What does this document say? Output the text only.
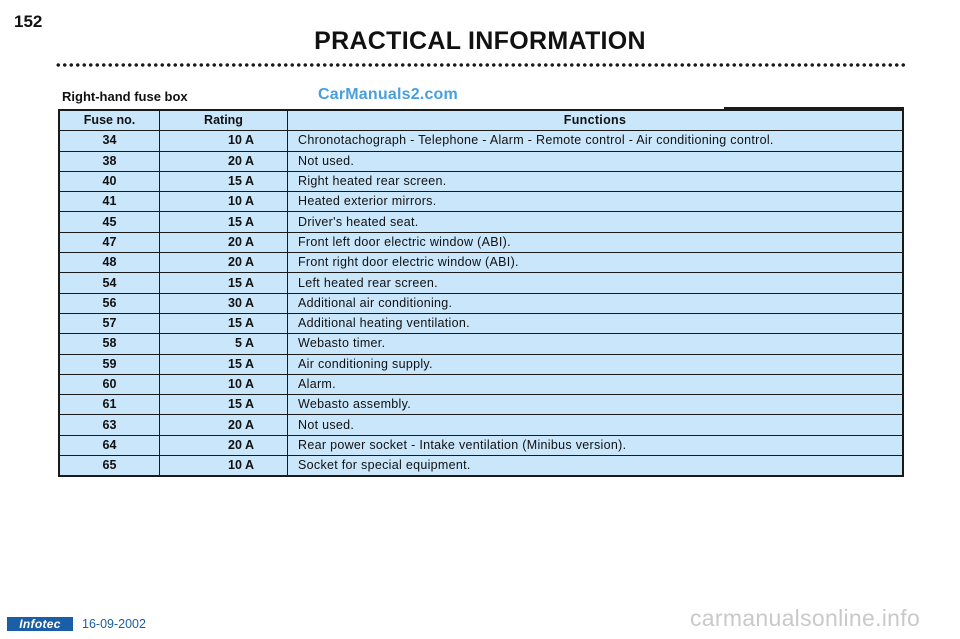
152
PRACTICAL INFORMATION
Right-hand fuse box	CarManuals2.com
Fuse no.	Rating	Functions
34	10 A	Chronotachograph - Telephone - Alarm - Remote control - Air conditioning control.
38	20 A	Not used.
40	15 A	Right heated rear screen.
41	10 A	Heated exterior mirrors.
45	15 A	Driver's heated seat.
47	20 A	Front left door electric window (ABI).
48	20 A	Front right door electric window (ABI).
54	15 A	Left heated rear screen.
56	30 A	Additional air conditioning.
57	15 A	Additional heating ventilation.
58	5 A	Webasto timer.
59	15 A	Air conditioning supply.
60	10 A	Alarm.
61	15 A	Webasto assembly.
63	20 A	Not used.
64	20 A	Rear power socket - Intake ventilation (Minibus version).
65	10 A	Socket for special equipment.
Infotec	16-09-2002	carmanualsonline.info
